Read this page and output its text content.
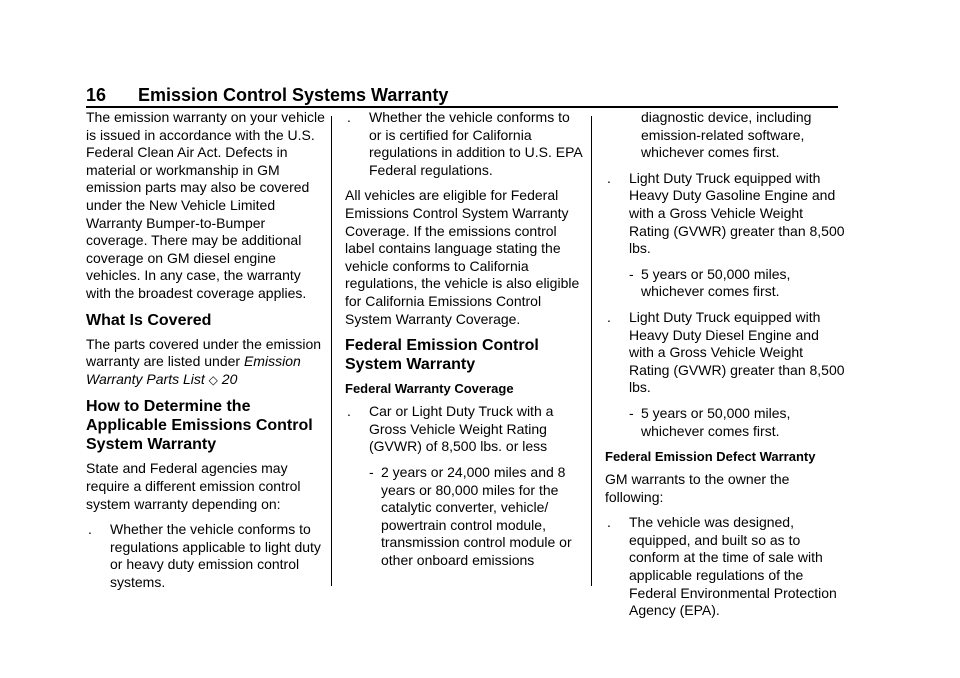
16 Emission Control Systems Warranty

The emission warranty on your vehicle is issued in accordance with the U.S. Federal Clean Air Act. Defects in material or workmanship in GM emission parts may also be covered under the New Vehicle Limited Warranty Bumper-to-Bumper coverage. There may be additional coverage on GM diesel engine vehicles. In any case, the warranty with the broadest coverage applies.

What Is Covered

The parts covered under the emission warranty are listed under Emission Warranty Parts List ◇ 20

How to Determine the Applicable Emissions Control System Warranty

State and Federal agencies may require a different emission control system warranty depending on:

. Whether the vehicle conforms to regulations applicable to light duty or heavy duty emission control systems.
. Whether the vehicle conforms to or is certified for California regulations in addition to U.S. EPA Federal regulations.

All vehicles are eligible for Federal Emissions Control System Warranty Coverage. If the emissions control label contains language stating the vehicle conforms to California regulations, the vehicle is also eligible for California Emissions Control System Warranty Coverage.

Federal Emission Control System Warranty
Federal Warranty Coverage
. Car or Light Duty Truck with a Gross Vehicle Weight Rating (GVWR) of 8,500 lbs. or less
- 2 years or 24,000 miles and 8 years or 80,000 miles for the catalytic converter, vehicle/ powertrain control module, transmission control module or other onboard emissions

diagnostic device, including emission-related software, whichever comes first.

. Light Duty Truck equipped with Heavy Duty Gasoline Engine and with a Gross Vehicle Weight Rating (GVWR) greater than 8,500 lbs.
- 5 years or 50,000 miles, whichever comes first.
. Light Duty Truck equipped with Heavy Duty Diesel Engine and with a Gross Vehicle Weight Rating (GVWR) greater than 8,500 lbs.
- 5 years or 50,000 miles, whichever comes first.
Federal Emission Defect Warranty

GM warrants to the owner the following:

. The vehicle was designed, equipped, and built so as to conform at the time of sale with applicable regulations of the Federal Environmental Protection Agency (EPA).
